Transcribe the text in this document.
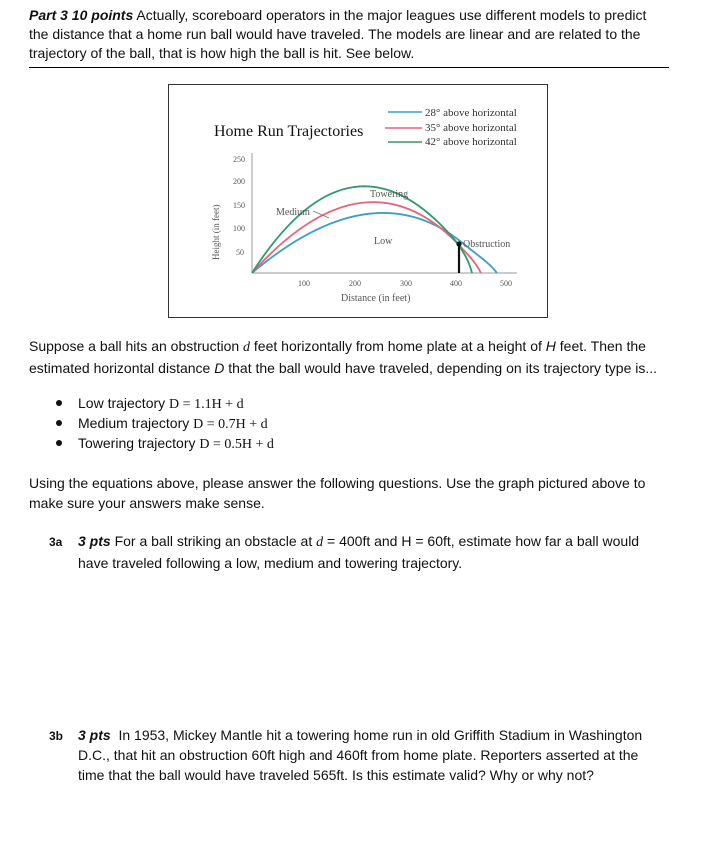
Part 3 10 points Actually, scoreboard operators in the major leagues use different models to predict the distance that a home run ball would have traveled. The models are linear and are related to the trajectory of the ball, that is how high the ball is hit. See below.

Home Run Trajectories
28° above horizontal
35° above horizontal
42° above horizontal
250
200
150
100
50
Height (in feet)
100	200	300	400	500
Distance (in feet)
Medium
Towering
Low	Obstruction

Suppose a ball hits an obstruction d feet horizontally from home plate at a height of H feet. Then the estimated horizontal distance D that the ball would have traveled, depending on its trajectory type is...

Low trajectory D = 1.1H + d
Medium trajectory D = 0.7H + d
Towering trajectory D = 0.5H + d

Using the equations above, please answer the following questions. Use the graph pictured above to make sure your answers make sense.

3a 3 pts For a ball striking an obstacle at d = 400ft and H = 60ft, estimate how far a ball would have traveled following a low, medium and towering trajectory.
3b 3 pts  In 1953, Mickey Mantle hit a towering home run in old Griffith Stadium in Washington D.C., that hit an obstruction 60ft high and 460ft from home plate. Reporters asserted at the time that the ball would have traveled 565ft. Is this estimate valid? Why or why not?
